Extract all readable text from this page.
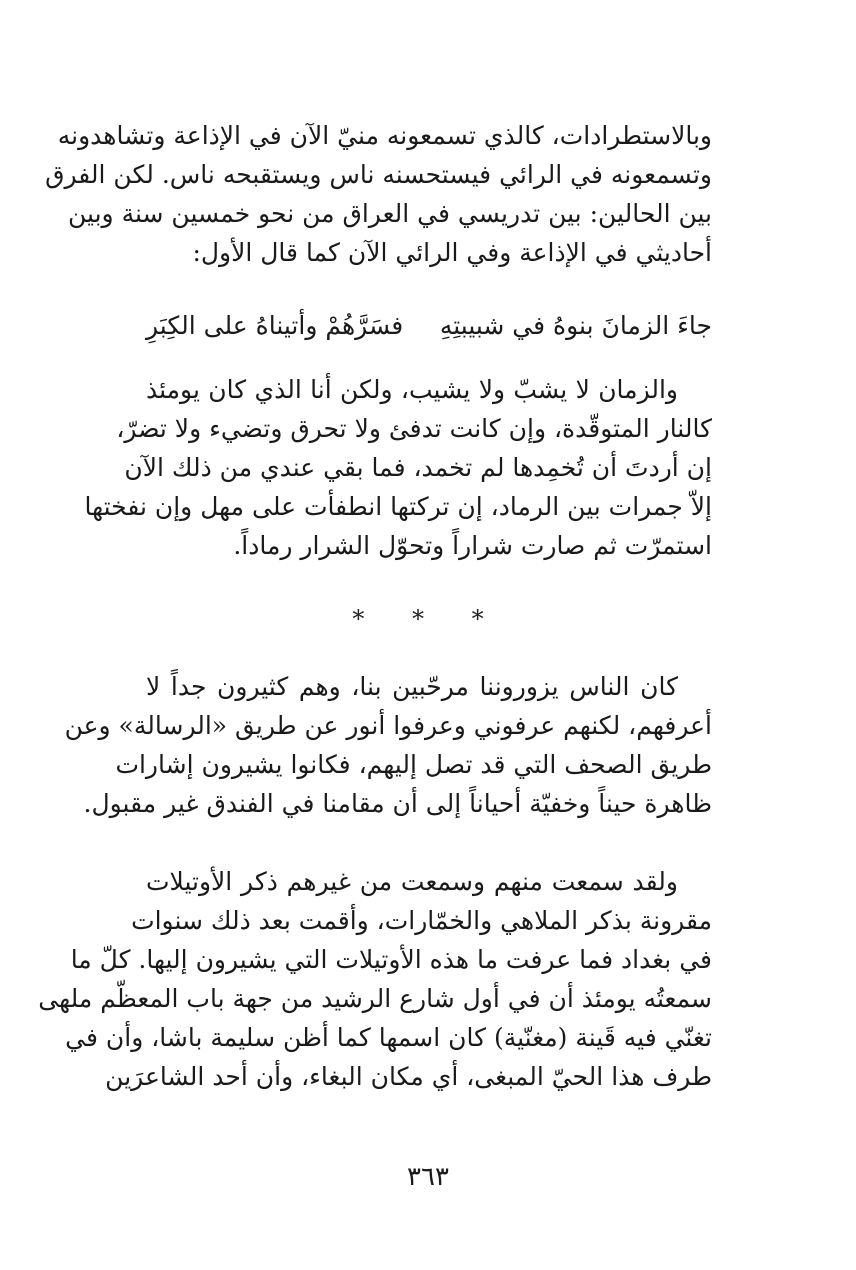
وبالاستطرادات، كالذي تسمعونه منيّ الآن في الإذاعة وتشاهدونه
وتسمعونه في الرائي فيستحسنه ناس ويستقبحه ناس. لكن الفرق
بين الحالين: بين تدريسي في العراق من نحو خمسين سنة وبين
أحاديثي في الإذاعة وفي الرائي الآن كما قال الأول:
جاءَ الزمانَ بنوهُ في شبيبتِهِ
فسَرَّهُمْ وأتيناهُ على الكِبَرِ
والزمان لا يشبّ ولا يشيب، ولكن أنا الذي كان يومئذ
كالنار المتوقّدة، وإن كانت تدفئ ولا تحرق وتضيء ولا تضرّ،
إن أردتَ أن تُخمِدها لم تخمد، فما بقي عندي من ذلك الآن
إلاّ جمرات بين الرماد، إن تركتها انطفأت على مهل وإن نفختها
استمرّت ثم صارت شراراً وتحوّل الشرار رماداً.
* * *
كان الناس يزوروننا مرحّبين بنا، وهم كثيرون جداً لا
أعرفهم، لكنهم عرفوني وعرفوا أنور عن طريق «الرسالة» وعن
طريق الصحف التي قد تصل إليهم، فكانوا يشيرون إشارات
ظاهرة حيناً وخفيّة أحياناً إلى أن مقامنا في الفندق غير مقبول.
ولقد سمعت منهم وسمعت من غيرهم ذكر الأوتيلات
مقرونة بذكر الملاهي والخمّارات، وأقمت بعد ذلك سنوات
في بغداد فما عرفت ما هذه الأوتيلات التي يشيرون إليها. كلّ ما
سمعتُه يومئذ أن في أول شارع الرشيد من جهة باب المعظّم ملهى
تغنّي فيه قَينة (مغنّية) كان اسمها كما أظن سليمة باشا، وأن في
طرف هذا الحيّ المبغى، أي مكان البغاء، وأن أحد الشاعرَين
٣٦٣
